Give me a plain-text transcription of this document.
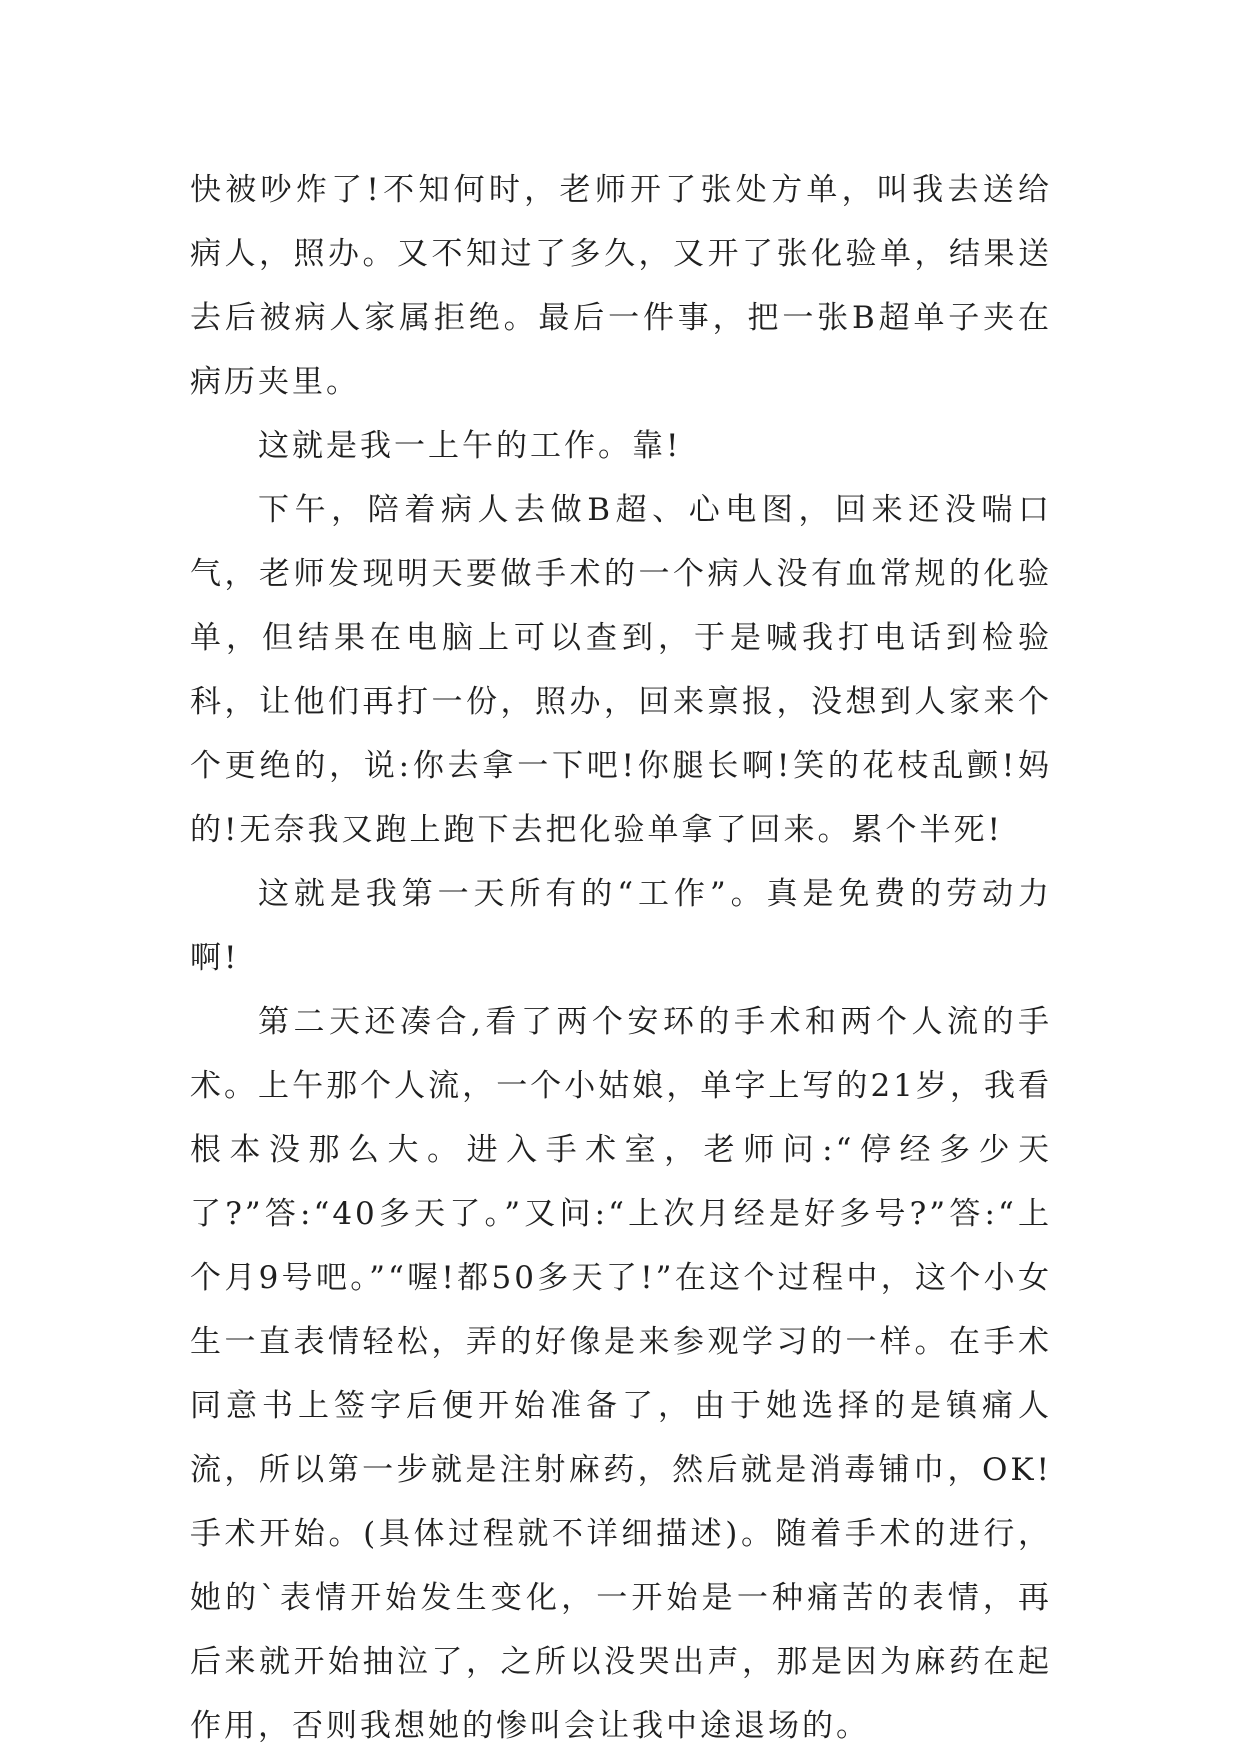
快被吵炸了!不知何时，老师开了张处方单，叫我去送给病人，照办。又不知过了多久，又开了张化验单，结果送去后被病人家属拒绝。最后一件事，把一张B超单子夹在病历夹里。

这就是我一上午的工作。靠!

下午，陪着病人去做B超、心电图，回来还没喘口气，老师发现明天要做手术的一个病人没有血常规的化验单，但结果在电脑上可以查到，于是喊我打电话到检验科，让他们再打一份，照办，回来禀报，没想到人家来个个更绝的，说:你去拿一下吧!你腿长啊!笑的花枝乱颤!妈的!无奈我又跑上跑下去把化验单拿了回来。累个半死!

这就是我第一天所有的“工作”。真是免费的劳动力啊!

第二天还凑合,看了两个安环的手术和两个人流的手术。上午那个人流，一个小姑娘，单字上写的21岁，我看根本没那么大。进入手术室，老师问:“停经多少天了?”答:“40多天了。”又问:“上次月经是好多号?”答:“上个月9号吧。”“喔!都50多天了!”在这个过程中，这个小女生一直表情轻松，弄的好像是来参观学习的一样。在手术同意书上签字后便开始准备了，由于她选择的是镇痛人流，所以第一步就是注射麻药，然后就是消毒铺巾，OK!手术开始。(具体过程就不详细描述)。随着手术的进行，她的`表情开始发生变化，一开始是一种痛苦的表情，再后来就开始抽泣了，之所以没哭出声，那是因为麻药在起作用，否则我想她的惨叫会让我中途退场的。
